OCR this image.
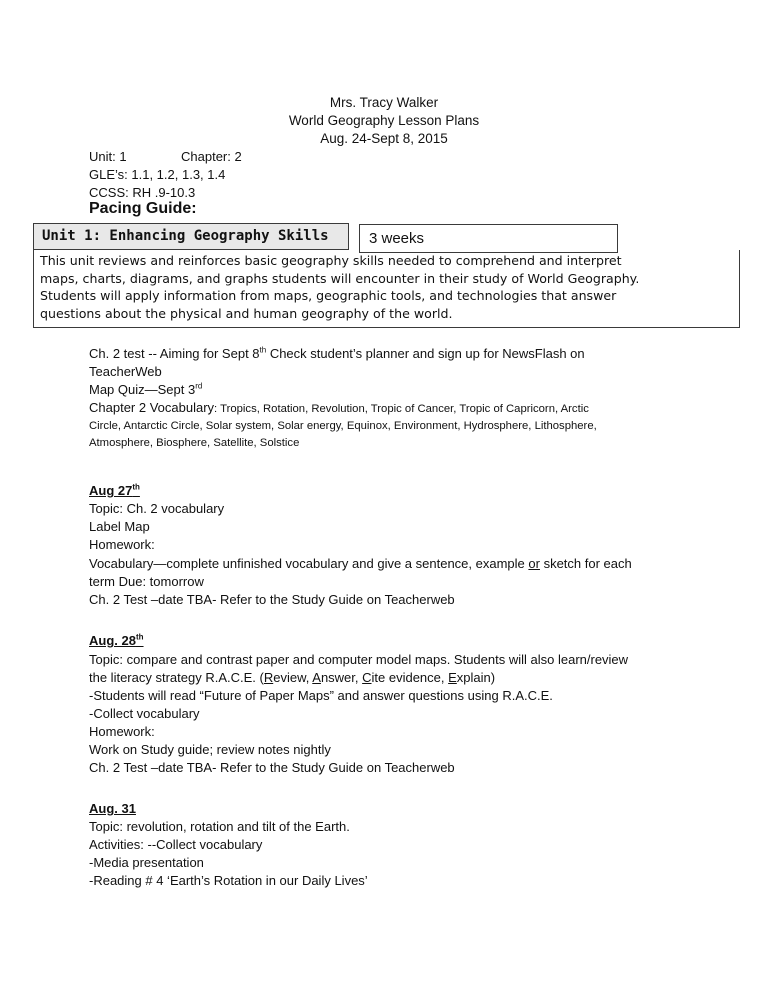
Mrs. Tracy Walker
World Geography Lesson Plans
Aug. 24-Sept 8, 2015
Unit: 1	Chapter: 2
GLE’s: 1.1, 1.2, 1.3, 1.4
CCSS: RH .9-10.3
Pacing Guide:
This unit reviews and reinforces basic geography skills needed to comprehend and interpret
maps, charts, diagrams, and graphs students will encounter in their study of World Geography.
Students will apply information from maps, geographic tools, and technologies that answer
questions about the physical and human geography of the world.
Unit 1: Enhancing Geography Skills	3 weeks
Ch. 2 test -- Aiming for Sept 8th Check student’s planner and sign up for NewsFlash on
TeacherWeb
Map Quiz—Sept 3rd
Chapter 2 Vocabulary: Tropics, Rotation, Revolution, Tropic of Cancer, Tropic of Capricorn, Arctic
Circle, Antarctic Circle, Solar system, Solar energy, Equinox, Environment, Hydrosphere, Lithosphere,
Atmosphere, Biosphere, Satellite, Solstice
Aug 27th
Topic: Ch. 2 vocabulary
Label Map
Homework:
Vocabulary—complete unfinished vocabulary and give a sentence, example or sketch for each
term Due: tomorrow
Ch. 2 Test –date TBA- Refer to the Study Guide on Teacherweb
Aug. 28th
Topic: compare and contrast paper and computer model maps. Students will also learn/review
the literacy strategy R.A.C.E. (Review, Answer, Cite evidence, Explain)
-Students will read “Future of Paper Maps” and answer questions using R.A.C.E.
-Collect vocabulary
Homework:
Work on Study guide; review notes nightly
Ch. 2 Test –date TBA- Refer to the Study Guide on Teacherweb
Aug. 31
Topic: revolution, rotation and tilt of the Earth.
Activities: --Collect vocabulary
-Media presentation
-Reading # 4 ‘Earth’s Rotation in our Daily Lives’
